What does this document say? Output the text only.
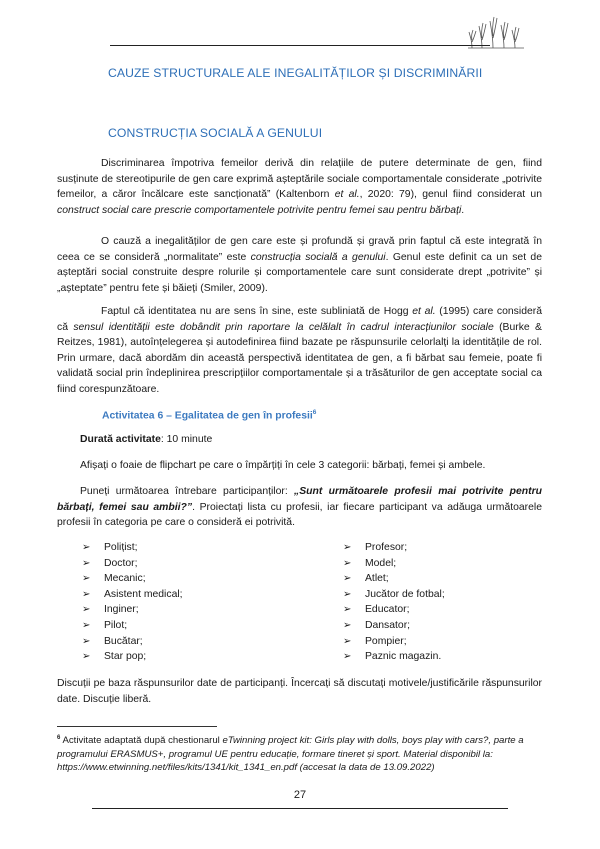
CAUZE STRUCTURALE ALE INEGALITĂȚILOR ȘI DISCRIMINĂRII
CONSTRUCȚIA SOCIALĂ A GENULUI

Discriminarea împotriva femeilor derivă din relațiile de putere determinate de gen, fiind susținute de stereotipurile de gen care exprimă așteptările sociale comportamentale considerate „potrivite femeilor, a căror încălcare este sancționată” (Kaltenborn et al., 2020: 79), genul fiind considerat un construct social care prescrie comportamentele potrivite pentru femei sau pentru bărbați.

O cauză a inegalităților de gen care este și profundă și gravă prin faptul că este integrată în ceea ce se consideră „normalitate” este construcția socială a genului. Genul este definit ca un set de așteptări social construite despre rolurile și comportamentele care sunt considerate drept „potrivite” și „așteptate” pentru fete și băieți (Smiler, 2009).

Faptul că identitatea nu are sens în sine, este subliniată de Hogg et al. (1995) care consideră că sensul identității este dobândit prin raportare la celălalt în cadrul interacțiunilor sociale (Burke & Reitzes, 1981), autoînțelegerea și autodefinirea fiind bazate pe răspunsurile celorlalți la identitățile de rol. Prin urmare, dacă abordăm din această perspectivă identitatea de gen, a fi bărbat sau femeie, poate fi validată social prin îndeplinirea prescripțiilor comportamentale și a trăsăturilor de gen acceptate social ca fiind corespunzătoare.

Activitatea 6 – Egalitatea de gen în profesii$^6$

Durată activitate: 10 minute

Afișați o foaie de flipchart pe care o împărțiți în cele 3 categorii: bărbați, femei și ambele.

Puneți următoarea întrebare participanților: „Sunt următoarele profesii mai potrivite pentru bărbați, femei sau ambii?”. Proiectați lista cu profesii, iar fiecare participant va adăuga următoarele profesii în categoria pe care o consideră ei potrivită.

➢ Polițist;
➢ Doctor;
➢ Mecanic;
➢ Asistent medical;
➢ Inginer;
➢ Pilot;
➢ Bucătar;
➢ Star pop;
➢ Profesor;
➢ Model;
➢ Atlet;
➢ Jucător de fotbal;
➢ Educator;
➢ Dansator;
➢ Pompier;
➢ Paznic magazin.

Discuții pe baza răspunsurilor date de participanți. Încercați să discutați motivele/justificările răspunsurilor date. Discuție liberă.

$^6$ Activitate adaptată după chestionarul eTwinning project kit: Girls play with dolls, boys play with cars?, parte a programului ERASMUS+, programul UE pentru educație, formare tineret și sport. Material disponibil la: https://www.etwinning.net/files/kits/1341/kit_1341_en.pdf (accesat la data de 13.09.2022)

27
